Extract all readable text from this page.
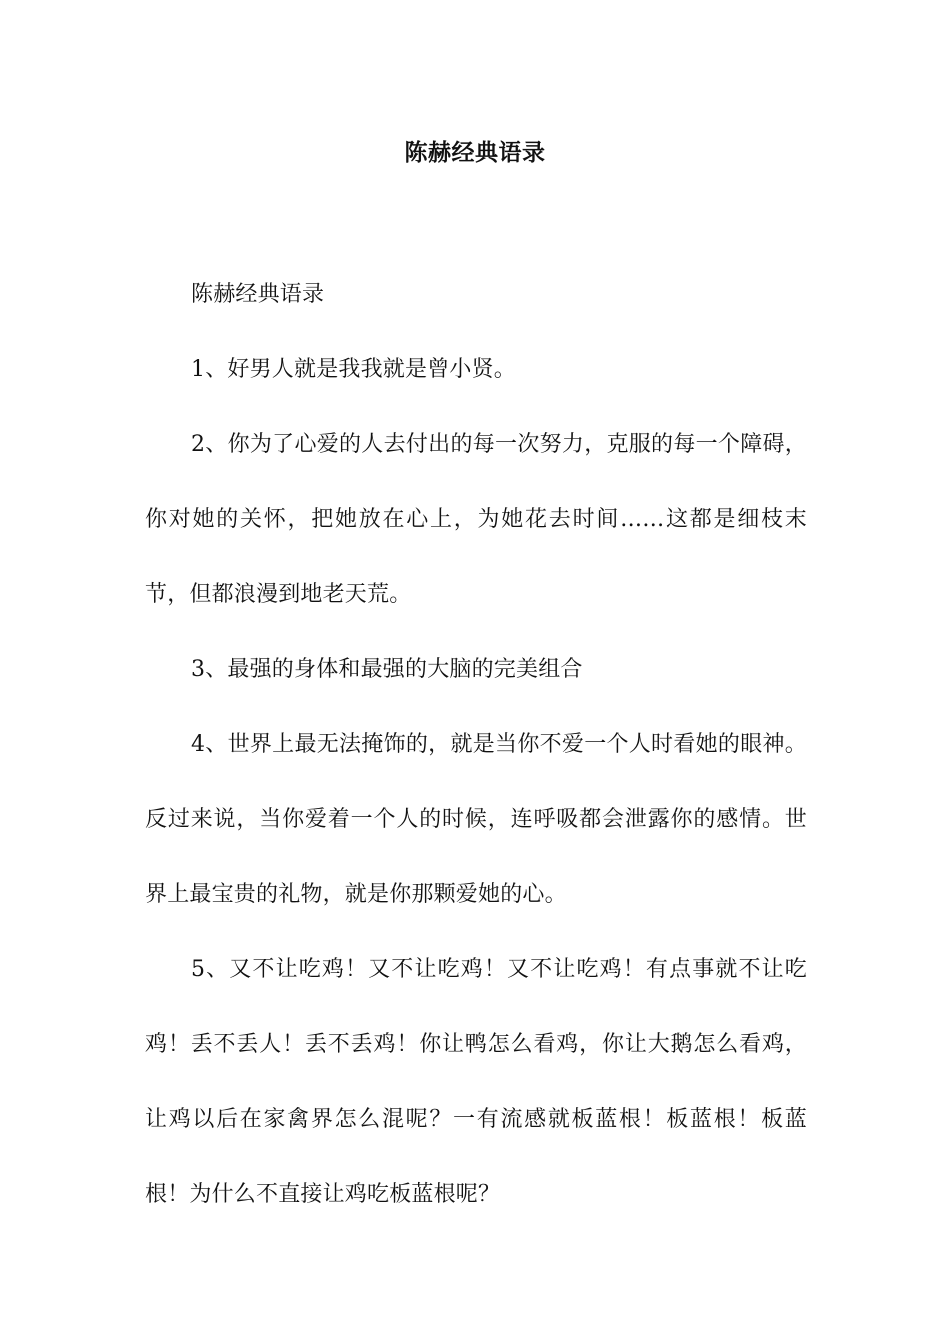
陈赫经典语录

陈赫经典语录

1、好男人就是我我就是曾小贤。

2、你为了心爱的人去付出的每一次努力，克服的每一个障碍，你对她的关怀，把她放在心上，为她花去时间……这都是细枝末节，但都浪漫到地老天荒。

3、最强的身体和最强的大脑的完美组合

4、世界上最无法掩饰的，就是当你不爱一个人时看她的眼神。反过来说，当你爱着一个人的时候，连呼吸都会泄露你的感情。世界上最宝贵的礼物，就是你那颗爱她的心。

5、又不让吃鸡！又不让吃鸡！又不让吃鸡！有点事就不让吃鸡！丢不丢人！丢不丢鸡！你让鸭怎么看鸡，你让大鹅怎么看鸡，让鸡以后在家禽界怎么混呢？一有流感就板蓝根！板蓝根！板蓝根！为什么不直接让鸡吃板蓝根呢？
